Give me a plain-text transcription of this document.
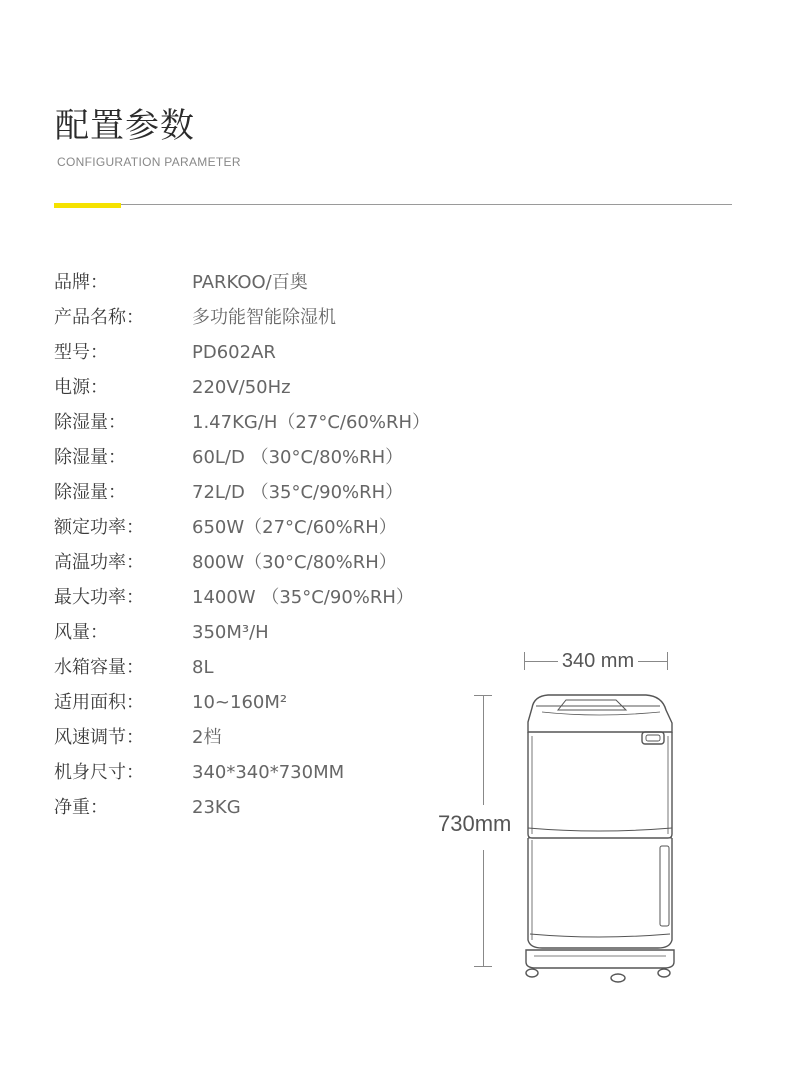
配置参数
CONFIGURATION PARAMETER
品牌：	PARKOO/百奥
产品名称：	多功能智能除湿机
型号：	PD602AR
电源：	220V/50Hz
除湿量：	1.47KG/H（27°C/60%RH）
除湿量：	60L/D （30°C/80%RH）
除湿量：	72L/D （35°C/90%RH）
额定功率：	650W（27°C/60%RH）
高温功率：	800W（30°C/80%RH）
最大功率：	1400W （35°C/90%RH）
风量：	350M³/H
水箱容量：	8L
适用面积：	10~160M²
风速调节：	2档
机身尺寸：	340*340*730MM
净重：	23KG
340 mm
730mm
